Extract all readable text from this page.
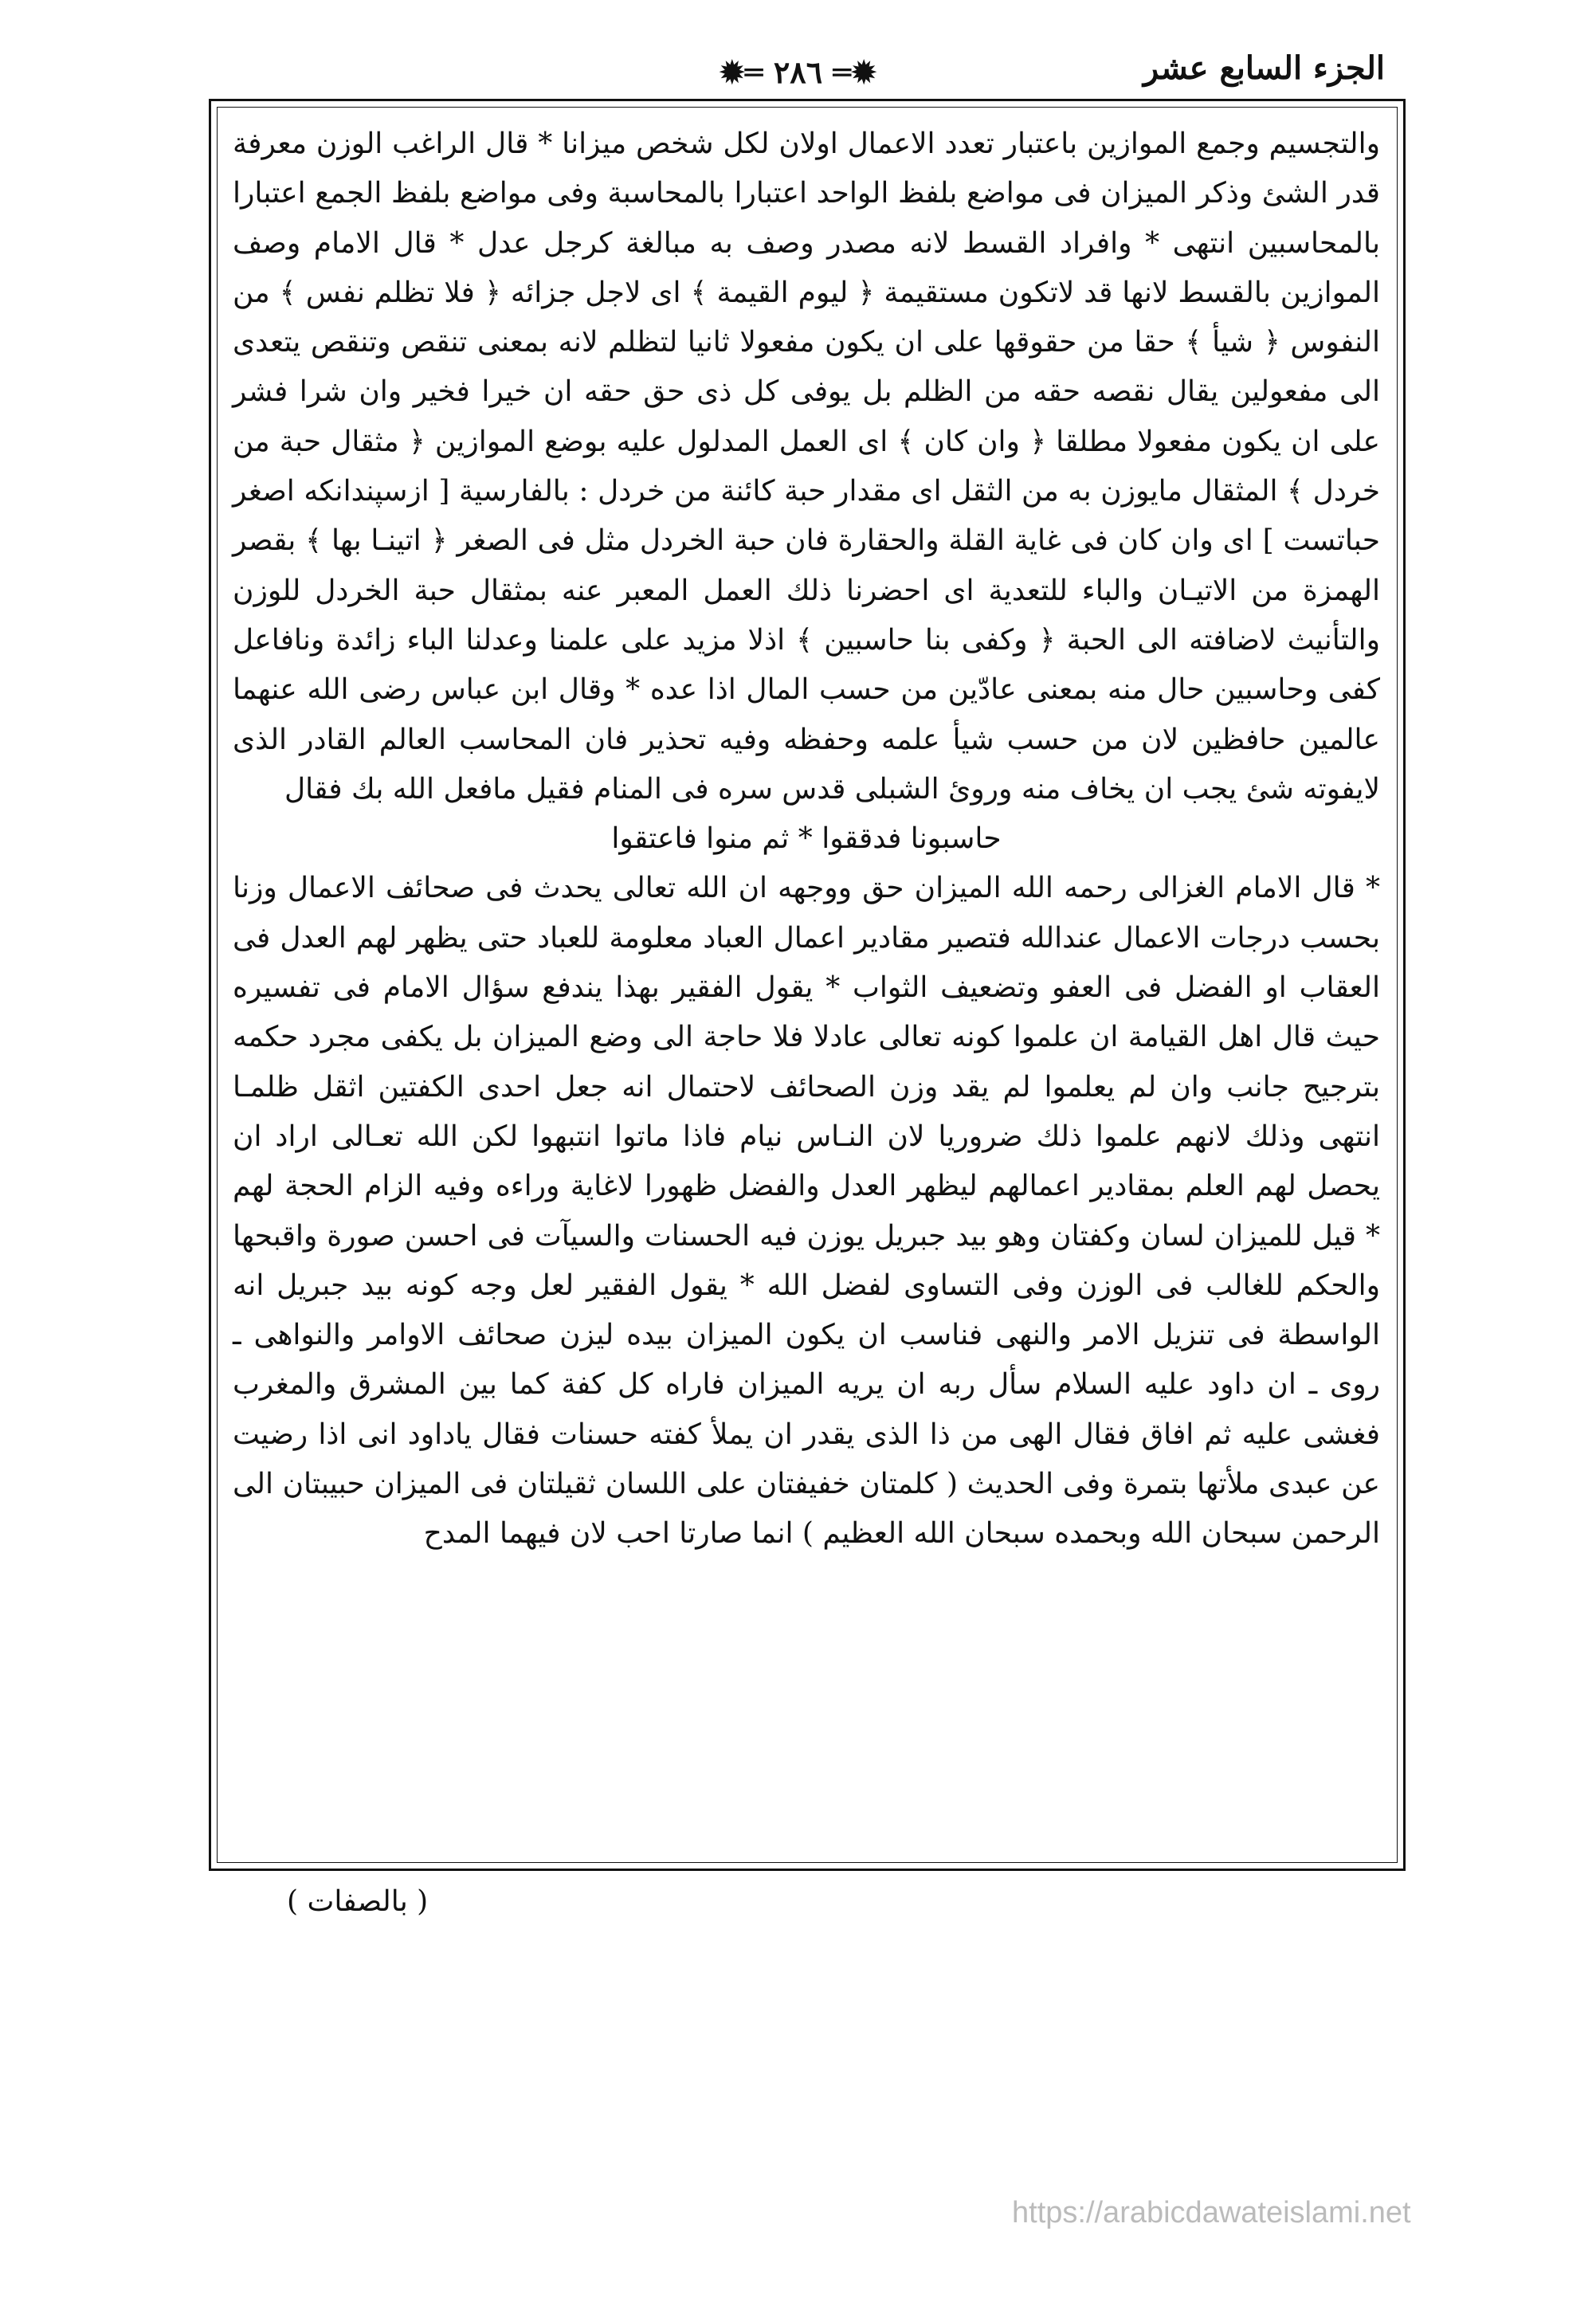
الجزء السابع عشر
✹═ ۲۸٦ ═✹

والتجسيم وجمع الموازين باعتبار تعدد الاعمال اولان لكل شخص ميزانا * قال الراغب الوزن معرفة قدر الشئ وذكر الميزان فى مواضع بلفظ الواحد اعتبارا بالمحاسبة وفى مواضع بلفظ الجمع اعتبارا بالمحاسبين انتهى * وافراد القسط لانه مصدر وصف به مبالغة كرجل عدل * قال الامام وصف الموازين بالقسط لانها قد لاتكون مستقيمة ﴿ ليوم القيمة ﴾ اى لاجل جزائه ﴿ فلا تظلم نفس ﴾ من النفوس ﴿ شيأ ﴾ حقا من حقوقها على ان يكون مفعولا ثانيا لتظلم لانه بمعنى تنقص وتنقص يتعدى الى مفعولين يقال نقصه حقه من الظلم بل يوفى كل ذى حق حقه ان خيرا فخير وان شرا فشر على ان يكون مفعولا مطلقا ﴿ وان كان ﴾ اى العمل المدلول عليه بوضع الموازين ﴿ مثقال حبة من خردل ﴾ المثقال مايوزن به من الثقل اى مقدار حبة كائنة من خردل : بالفارسية [ ازسپندانكه اصغر حباتست ] اى وان كان فى غاية القلة والحقارة فان حبة الخردل مثل فى الصغر ﴿ اتينـا بها ﴾ بقصر الهمزة من الاتيـان والباء للتعدية اى احضرنا ذلك العمل المعبر عنه بمثقال حبة الخردل للوزن والتأنيث لاضافته الى الحبة ﴿ وكفى بنا حاسبين ﴾ اذلا مزيد على علمنا وعدلنا الباء زائدة ونافاعل كفى وحاسبين حال منه بمعنى عادّين من حسب المال اذا عده * وقال ابن عباس رضى الله عنهما عالمين حافظين لان من حسب شيأ علمه وحفظه وفيه تحذير فان المحاسب العالم القادر الذى لايفوته شئ يجب ان يخاف منه وروئ الشبلى قدس سره فى المنام فقيل مافعل الله بك فقال

حاسبونا فدققوا * ثم منوا فاعتقوا

* قال الامام الغزالى رحمه الله الميزان حق ووجهه ان الله تعالى يحدث فى صحائف الاعمال وزنا بحسب درجات الاعمال عندالله فتصير مقادير اعمال العباد معلومة للعباد حتى يظهر لهم العدل فى العقاب او الفضل فى العفو وتضعيف الثواب * يقول الفقير بهذا يندفع سؤال الامام فى تفسيره حيث قال اهل القيامة ان علموا كونه تعالى عادلا فلا حاجة الى وضع الميزان بل يكفى مجرد حكمه بترجيح جانب وان لم يعلموا لم يقد وزن الصحائف لاحتمال انه جعل احدى الكفتين اثقل ظلمـا انتهى وذلك لانهم علموا ذلك ضروريا لان النـاس نيام فاذا ماتوا انتبهوا لكن الله تعـالى اراد ان يحصل لهم العلم بمقادير اعمالهم ليظهر العدل والفضل ظهورا لاغاية وراءه وفيه الزام الحجة لهم * قيل للميزان لسان وكفتان وهو بيد جبريل يوزن فيه الحسنات والسيآت فى احسن صورة واقبحها والحكم للغالب فى الوزن وفى التساوى لفضل الله * يقول الفقير لعل وجه كونه بيد جبريل انه الواسطة فى تنزيل الامر والنهى فناسب ان يكون الميزان بيده ليزن صحائف الاوامر والنواهى ـ روى ـ ان داود عليه السلام سأل ربه ان يريه الميزان فاراه كل كفة كما بين المشرق والمغرب فغشى عليه ثم افاق فقال الهى من ذا الذى يقدر ان يملأ كفته حسنات فقال ياداود انى اذا رضيت عن عبدى ملأتها بتمرة وفى الحديث ( كلمتان خفيفتان على اللسان ثقيلتان فى الميزان حبيبتان الى الرحمن سبحان الله وبحمده سبحان الله العظيم ) انما صارتا احب لان فيهما المدح

( بالصفات )
https://arabicdawateislami.net
